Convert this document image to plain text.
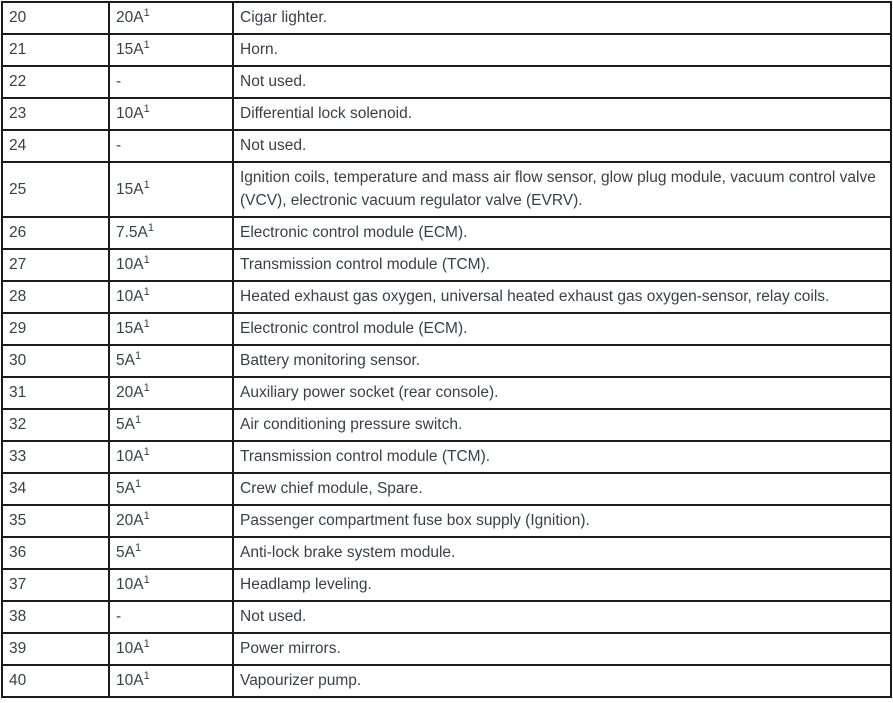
20	$20A^1$	Cigar lighter.
21	$15A^1$	Horn.
22	-	Not used.
23	$10A^1$	Differential lock solenoid.
24	-	Not used.
25	$15A^1$	Ignition coils, temperature and mass air flow sensor, glow plug module, vacuum control valve (VCV), electronic vacuum regulator valve (EVRV).
26	$7.5A^1$	Electronic control module (ECM).
27	$10A^1$	Transmission control module (TCM).
28	$10A^1$	Heated exhaust gas oxygen, universal heated exhaust gas oxygen-sensor, relay coils.
29	$15A^1$	Electronic control module (ECM).
30	$5A^1$	Battery monitoring sensor.
31	$20A^1$	Auxiliary power socket (rear console).
32	$5A^1$	Air conditioning pressure switch.
33	$10A^1$	Transmission control module (TCM).
34	$5A^1$	Crew chief module, Spare.
35	$20A^1$	Passenger compartment fuse box supply (Ignition).
36	$5A^1$	Anti-lock brake system module.
37	$10A^1$	Headlamp leveling.
38	-	Not used.
39	$10A^1$	Power mirrors.
40	$10A^1$	Vapourizer pump.
